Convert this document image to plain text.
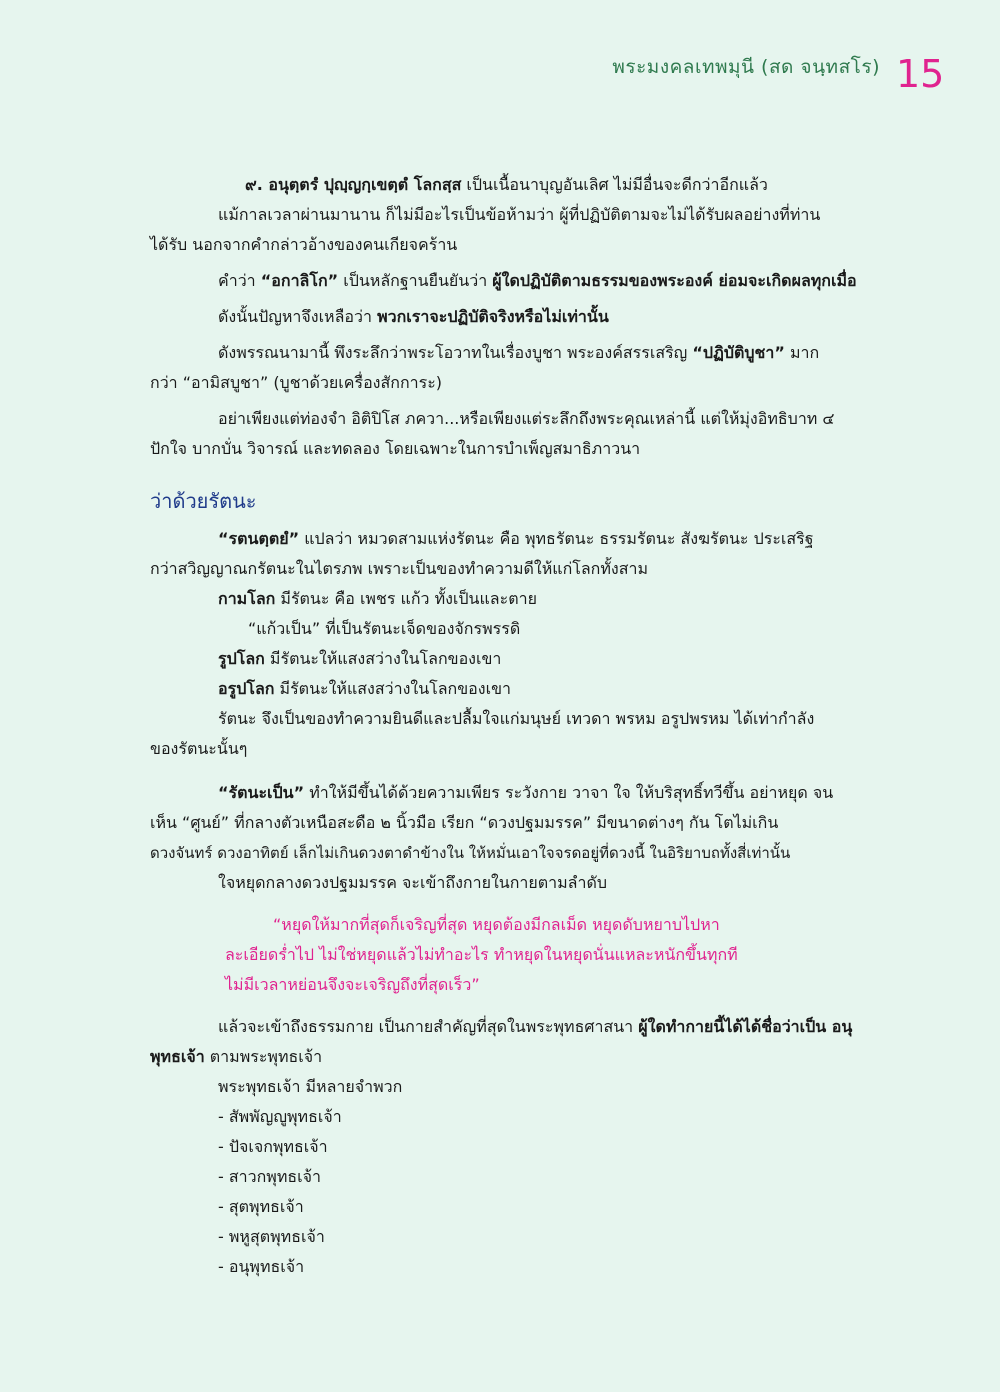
พระมงคลเทพมุนี (สด จนฺทสโร) 15
๙. อนุตฺตรํ ปุญฺญกฺเขตฺตํ โลกสฺส เป็นเนื้อนาบุญอันเลิศ ไม่มีอื่นจะดีกว่าอีกแล้ว
แม้กาลเวลาผ่านมานาน ก็ไม่มีอะไรเป็นข้อห้ามว่า ผู้ที่ปฏิบัติตามจะไม่ได้รับผลอย่างที่ท่าน
ได้รับ นอกจากคำกล่าวอ้างของคนเกียจคร้าน
คำว่า “อกาลิโก” เป็นหลักฐานยืนยันว่า ผู้ใดปฏิบัติตามธรรมของพระองค์ ย่อมจะเกิดผลทุกเมื่อ
ดังนั้นปัญหาจึงเหลือว่า พวกเราจะปฏิบัติจริงหรือไม่เท่านั้น
ดังพรรณนามานี้ พึงระลึกว่าพระโอวาทในเรื่องบูชา พระองค์สรรเสริญ “ปฏิบัติบูชา” มาก
กว่า “อามิสบูชา” (บูชาด้วยเครื่องสักการะ)
อย่าเพียงแต่ท่องจำ อิติปิโส ภควา...หรือเพียงแต่ระลึกถึงพระคุณเหล่านี้ แต่ให้มุ่งอิทธิบาท ๔
ปักใจ บากบั่น วิจารณ์ และทดลอง โดยเฉพาะในการบำเพ็ญสมาธิภาวนา
ว่าด้วยรัตนะ
“รตนตฺตยํ” แปลว่า หมวดสามแห่งรัตนะ คือ พุทธรัตนะ ธรรมรัตนะ สังฆรัตนะ ประเสริฐ
กว่าสวิญญาณกรัตนะในไตรภพ เพราะเป็นของทำความดีให้แก่โลกทั้งสาม
กามโลก มีรัตนะ คือ เพชร แก้ว ทั้งเป็นและตาย
“แก้วเป็น” ที่เป็นรัตนะเจ็ดของจักรพรรดิ
รูปโลก มีรัตนะให้แสงสว่างในโลกของเขา
อรูปโลก มีรัตนะให้แสงสว่างในโลกของเขา
รัตนะ จึงเป็นของทำความยินดีและปลื้มใจแก่มนุษย์ เทวดา พรหม อรูปพรหม ได้เท่ากำลัง
ของรัตนะนั้นๆ
“รัตนะเป็น” ทำให้มีขึ้นได้ด้วยความเพียร ระวังกาย วาจา ใจ ให้บริสุทธิ์ทวีขึ้น อย่าหยุด จน
เห็น “ศูนย์” ที่กลางตัวเหนือสะดือ ๒ นิ้วมือ เรียก “ดวงปฐมมรรค” มีขนาดต่างๆ กัน โตไม่เกิน
ดวงจันทร์ ดวงอาทิตย์ เล็กไม่เกินดวงตาดำข้างใน ให้หมั่นเอาใจจรดอยู่ที่ดวงนี้ ในอิริยาบถทั้งสี่เท่านั้น
ใจหยุดกลางดวงปฐมมรรค จะเข้าถึงกายในกายตามลำดับ
“หยุดให้มากที่สุดก็เจริญที่สุด หยุดต้องมีกลเม็ด หยุดดับหยาบไปหา
ละเอียดร่ำไป ไม่ใช่หยุดแล้วไม่ทำอะไร ทำหยุดในหยุดนั่นแหละหนักขึ้นทุกที
ไม่มีเวลาหย่อนจึงจะเจริญถึงที่สุดเร็ว”
แล้วจะเข้าถึงธรรมกาย เป็นกายสำคัญที่สุดในพระพุทธศาสนา ผู้ใดทำกายนี้ได้ได้ชื่อว่าเป็น อนุ
พุทธเจ้า ตามพระพุทธเจ้า
พระพุทธเจ้า มีหลายจำพวก
- สัพพัญญูพุทธเจ้า
- ปัจเจกพุทธเจ้า
- สาวกพุทธเจ้า
- สุตพุทธเจ้า
- พหูสุตพุทธเจ้า
- อนุพุทธเจ้า
